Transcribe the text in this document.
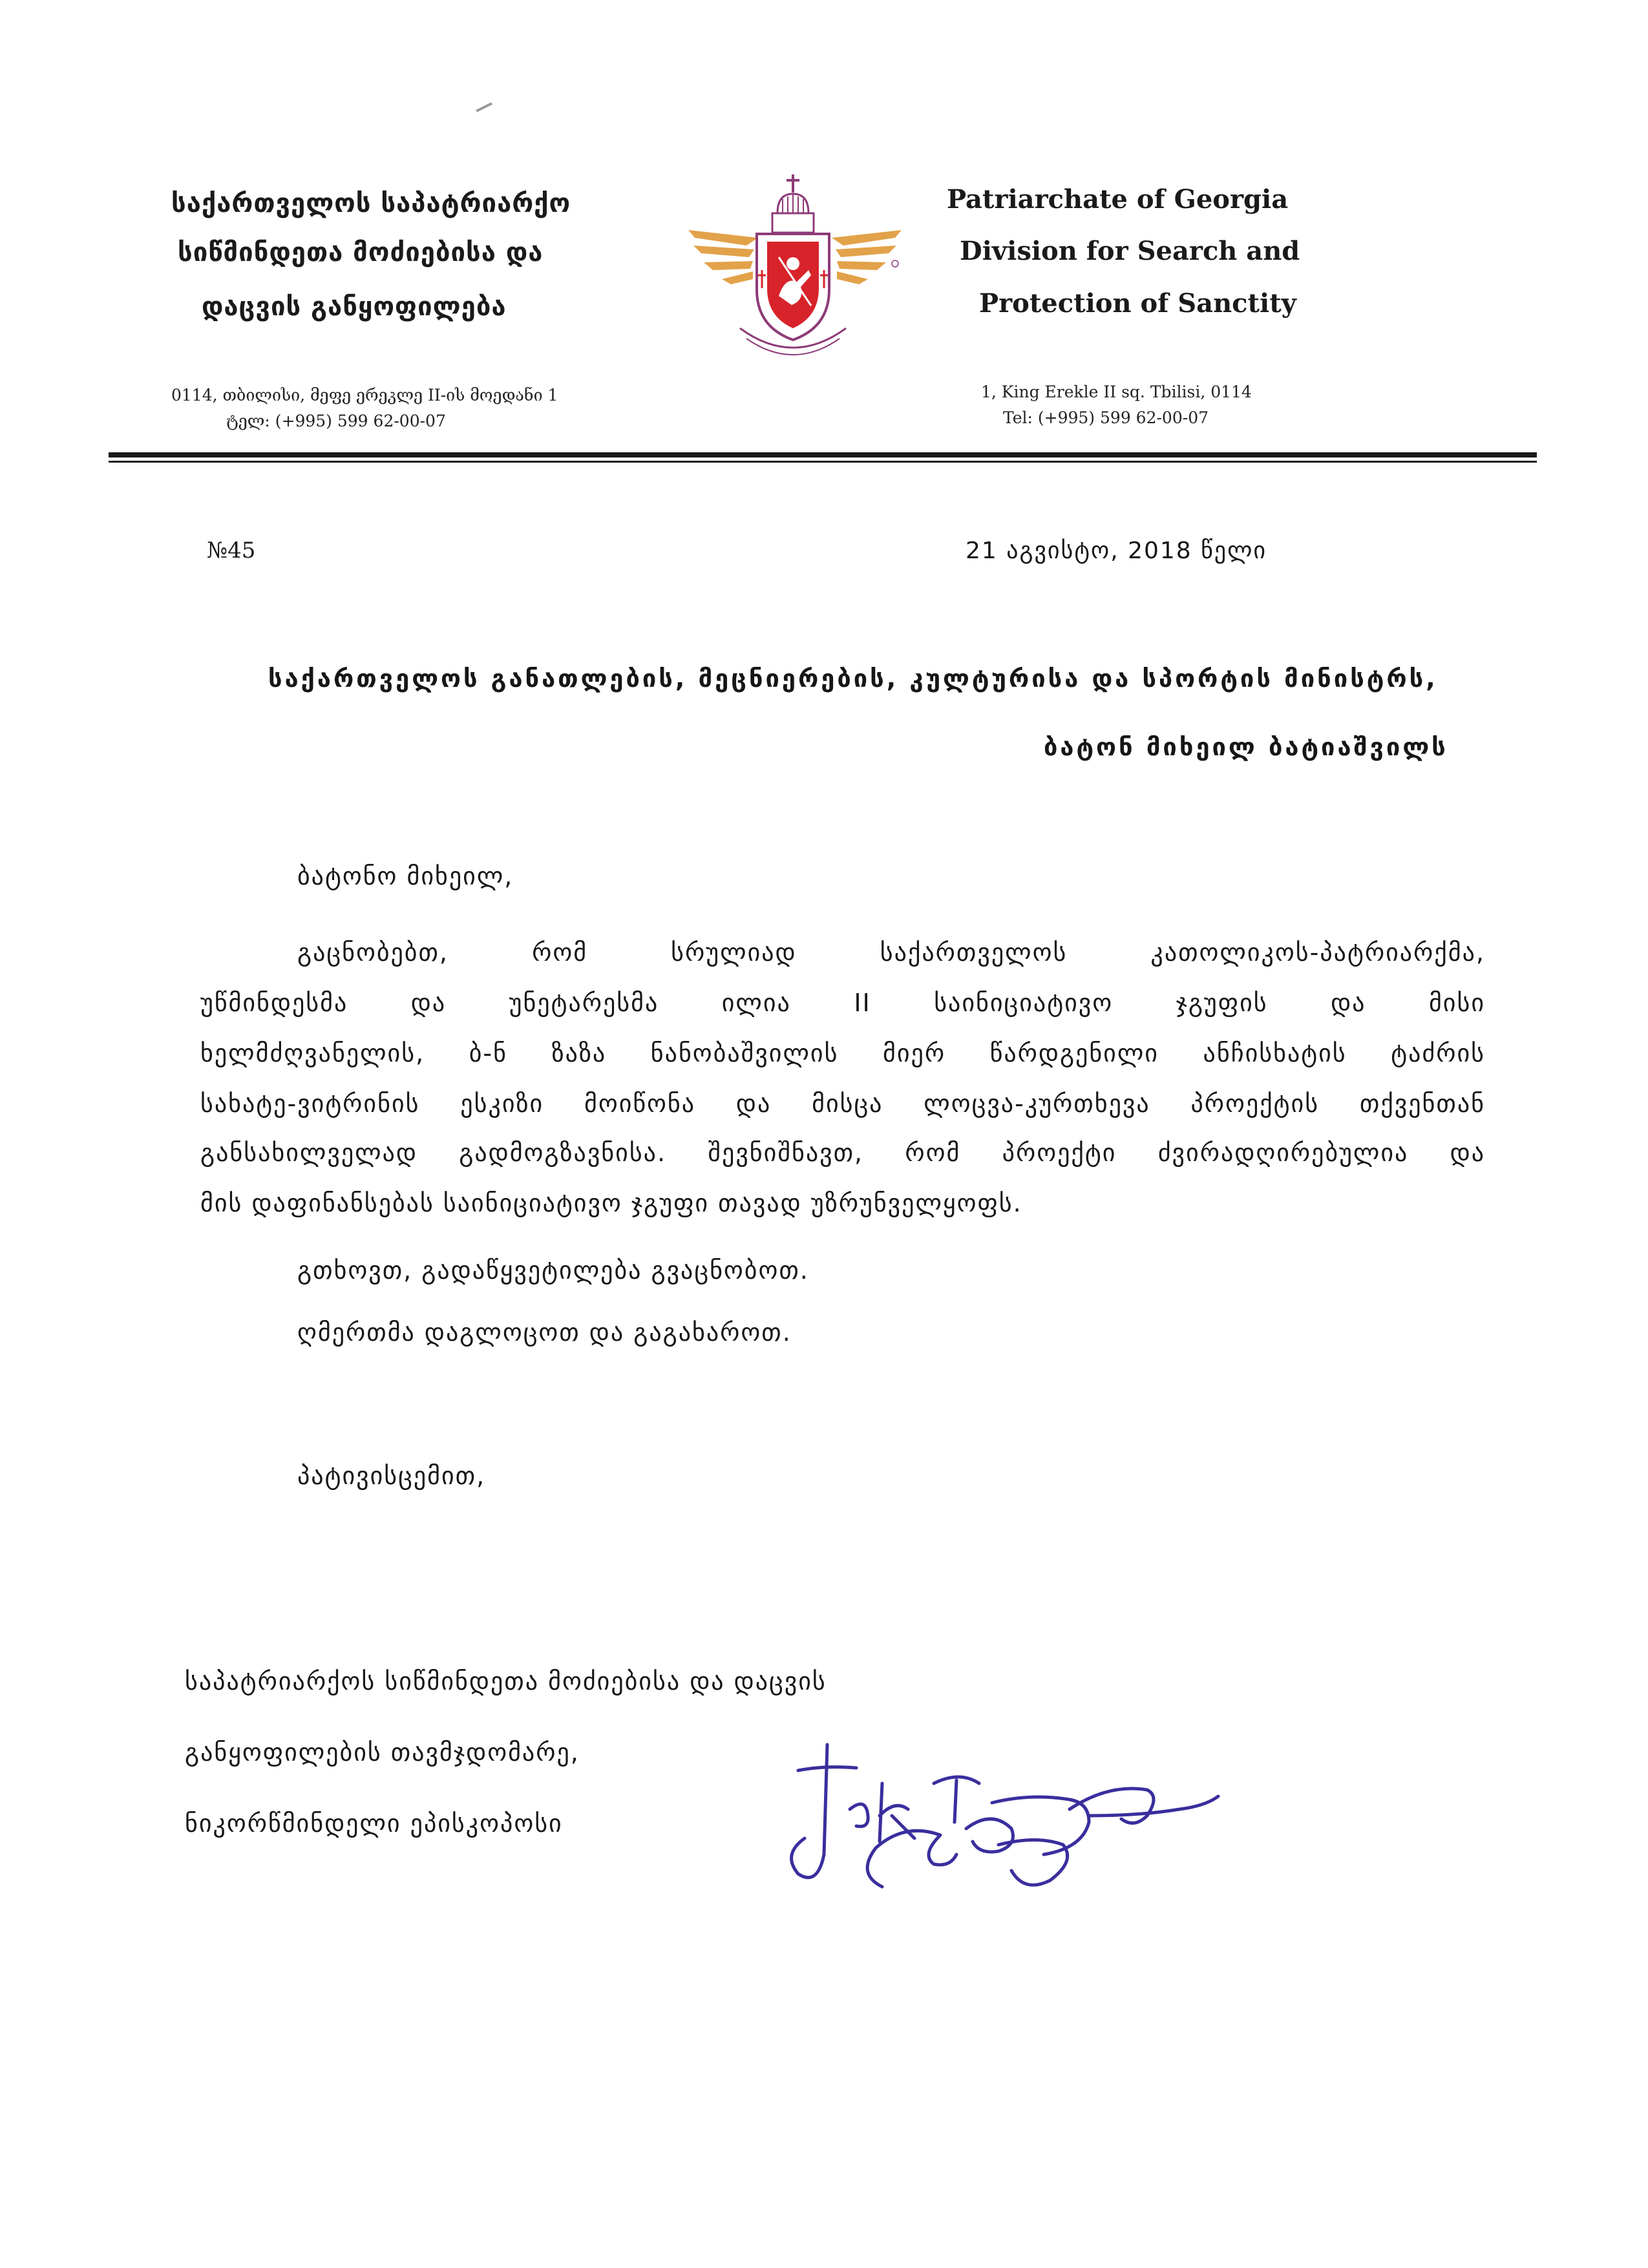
საქართველოს საპატრიარქო
სიწმინდეთა მოძიებისა და
დაცვის განყოფილება
Patriarchate of Georgia
Division for Search and
Protection of Sanctity
0114, თბილისი, მეფე ერეკლე II-ის მოედანი 1
ტელ: (+995) 599 62-00-07
1, King Erekle II sq. Tbilisi, 0114
Tel: (+995) 599 62-00-07
№45	21 აგვისტო, 2018 წელი
საქართველოს განათლების, მეცნიერების, კულტურისა და სპორტის მინისტრს,
ბატონ მიხეილ ბატიაშვილს
ბატონო მიხეილ,
გაცნობებთ, რომ სრულიად საქართველოს კათოლიკოს-პატრიარქმა,
უწმინდესმა და უნეტარესმა ილია II საინიციატივო ჯგუფის და მისი
ხელმძღვანელის, ბ-ნ ზაზა ნანობაშვილის მიერ წარდგენილი ანჩისხატის ტაძრის
სახატე-ვიტრინის ესკიზი მოიწონა და მისცა ლოცვა-კურთხევა პროექტის თქვენთან
განსახილველად გადმოგზავნისა. შევნიშნავთ, რომ პროექტი ძვირადღირებულია და
მის დაფინანსებას საინიციატივო ჯგუფი თავად უზრუნველყოფს.
გთხოვთ, გადაწყვეტილება გვაცნობოთ.
ღმერთმა დაგლოცოთ და გაგახაროთ.
პატივისცემით,
საპატრიარქოს სიწმინდეთა მოძიებისა და დაცვის
განყოფილების თავმჯდომარე,
ნიკორწმინდელი ეპისკოპოსი
